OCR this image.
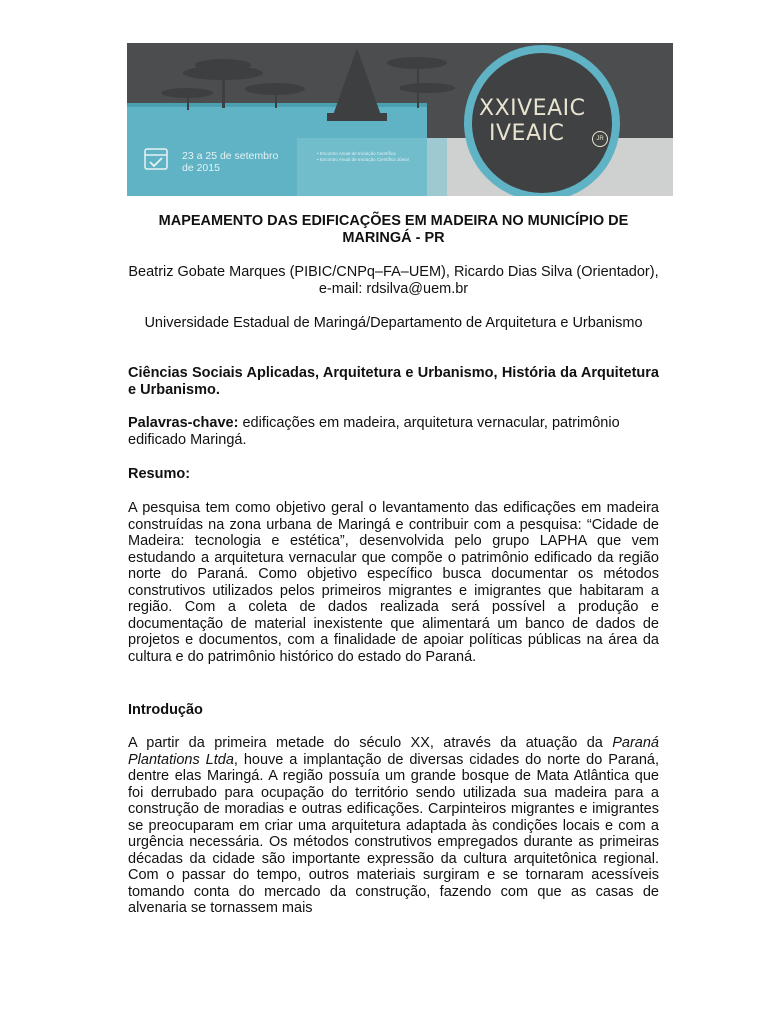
23 a 25 de setembro
de 2015
• Encontro Anual de Iniciação Científica
• Encontro Anual de Iniciação Científica Júnior
XXIVEAIC
IVEAIC	JR
MAPEAMENTO DAS EDIFICAÇÕES EM MADEIRA NO MUNICÍPIO DE MARINGÁ - PR
Beatriz Gobate Marques (PIBIC/CNPq–FA–UEM), Ricardo Dias Silva (Orientador), e-mail: rdsilva@uem.br
Universidade Estadual de Maringá/Departamento de Arquitetura e Urbanismo
Ciências Sociais Aplicadas, Arquitetura e Urbanismo, História da Arquitetura e Urbanismo.
Palavras-chave: edificações em madeira, arquitetura vernacular, patrimônio edificado Maringá.
Resumo:
A pesquisa tem como objetivo geral o levantamento das edificações em madeira construídas na zona urbana de Maringá e contribuir com a pesquisa: “Cidade de Madeira: tecnologia e estética”, desenvolvida pelo grupo LAPHA que vem estudando a arquitetura vernacular que compõe o patrimônio edificado da região norte do Paraná. Como objetivo específico busca documentar os métodos construtivos utilizados pelos primeiros migrantes e imigrantes que habitaram a região. Com a coleta de dados realizada será possível a produção e documentação de material inexistente que alimentará um banco de dados de projetos e documentos, com a finalidade de apoiar políticas públicas na área da cultura e do patrimônio histórico do estado do Paraná.
Introdução
A partir da primeira metade do século XX, através da atuação da Paraná Plantations Ltda, houve a implantação de diversas cidades do norte do Paraná, dentre elas Maringá. A região possuía um grande bosque de Mata Atlântica que foi derrubado para ocupação do território sendo utilizada sua madeira para a construção de moradias e outras edificações. Carpinteiros migrantes e imigrantes se preocuparam em criar uma arquitetura adaptada às condições locais e com a urgência necessária. Os métodos construtivos empregados durante as primeiras décadas da cidade são importante expressão da cultura arquitetônica regional. Com o passar do tempo, outros materiais surgiram e se tornaram acessíveis tomando conta do mercado da construção, fazendo com que as casas de alvenaria se tornassem mais
